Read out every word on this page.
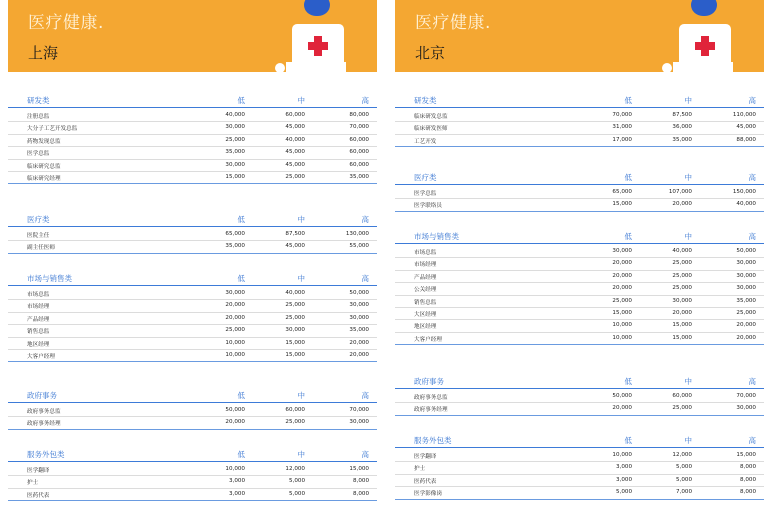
医疗健康.
上海
研发类	低	中	高
注册总监	40,000	60,000	80,000
大分子工艺开发总监	30,000	45,000	70,000
药物发现总监	25,000	40,000	60,000
医学总监	35,000	45,000	60,000
临床研究总监	30,000	45,000	60,000
临床研究经理	15,000	25,000	35,000
医疗类	低	中	高
医院主任	65,000	87,500	130,000
副主任医师	35,000	45,000	55,000
市场与销售类	低	中	高
市场总监	30,000	40,000	50,000
市场经理	20,000	25,000	30,000
产品经理	20,000	25,000	30,000
销售总监	25,000	30,000	35,000
地区经理	10,000	15,000	20,000
大客户经理	10,000	15,000	20,000
政府事务	低	中	高
政府事务总监	50,000	60,000	70,000
政府事务经理	20,000	25,000	30,000
服务外包类	低	中	高
医学翻译	10,000	12,000	15,000
护士	3,000	5,000	8,000
医药代表	3,000	5,000	8,000
医疗健康.
北京
研发类	低	中	高
临床研发总监	70,000	87,500	110,000
临床研发医师	31,000	36,000	45,000
工艺开发	17,000	35,000	88,000
医疗类	低	中	高
医学总监	65,000	107,000	150,000
医学联络员	15,000	20,000	40,000
市场与销售类	低	中	高
市场总监	30,000	40,000	50,000
市场经理	20,000	25,000	30,000
产品经理	20,000	25,000	30,000
公关经理	20,000	25,000	30,000
销售总监	25,000	30,000	35,000
大区经理	15,000	20,000	25,000
地区经理	10,000	15,000	20,000
大客户经理	10,000	15,000	20,000
政府事务	低	中	高
政府事务总监	50,000	60,000	70,000
政府事务经理	20,000	25,000	30,000
服务外包类	低	中	高
医学翻译	10,000	12,000	15,000
护士	3,000	5,000	8,000
医药代表	3,000	5,000	8,000
医学影像岗	5,000	7,000	8,000
